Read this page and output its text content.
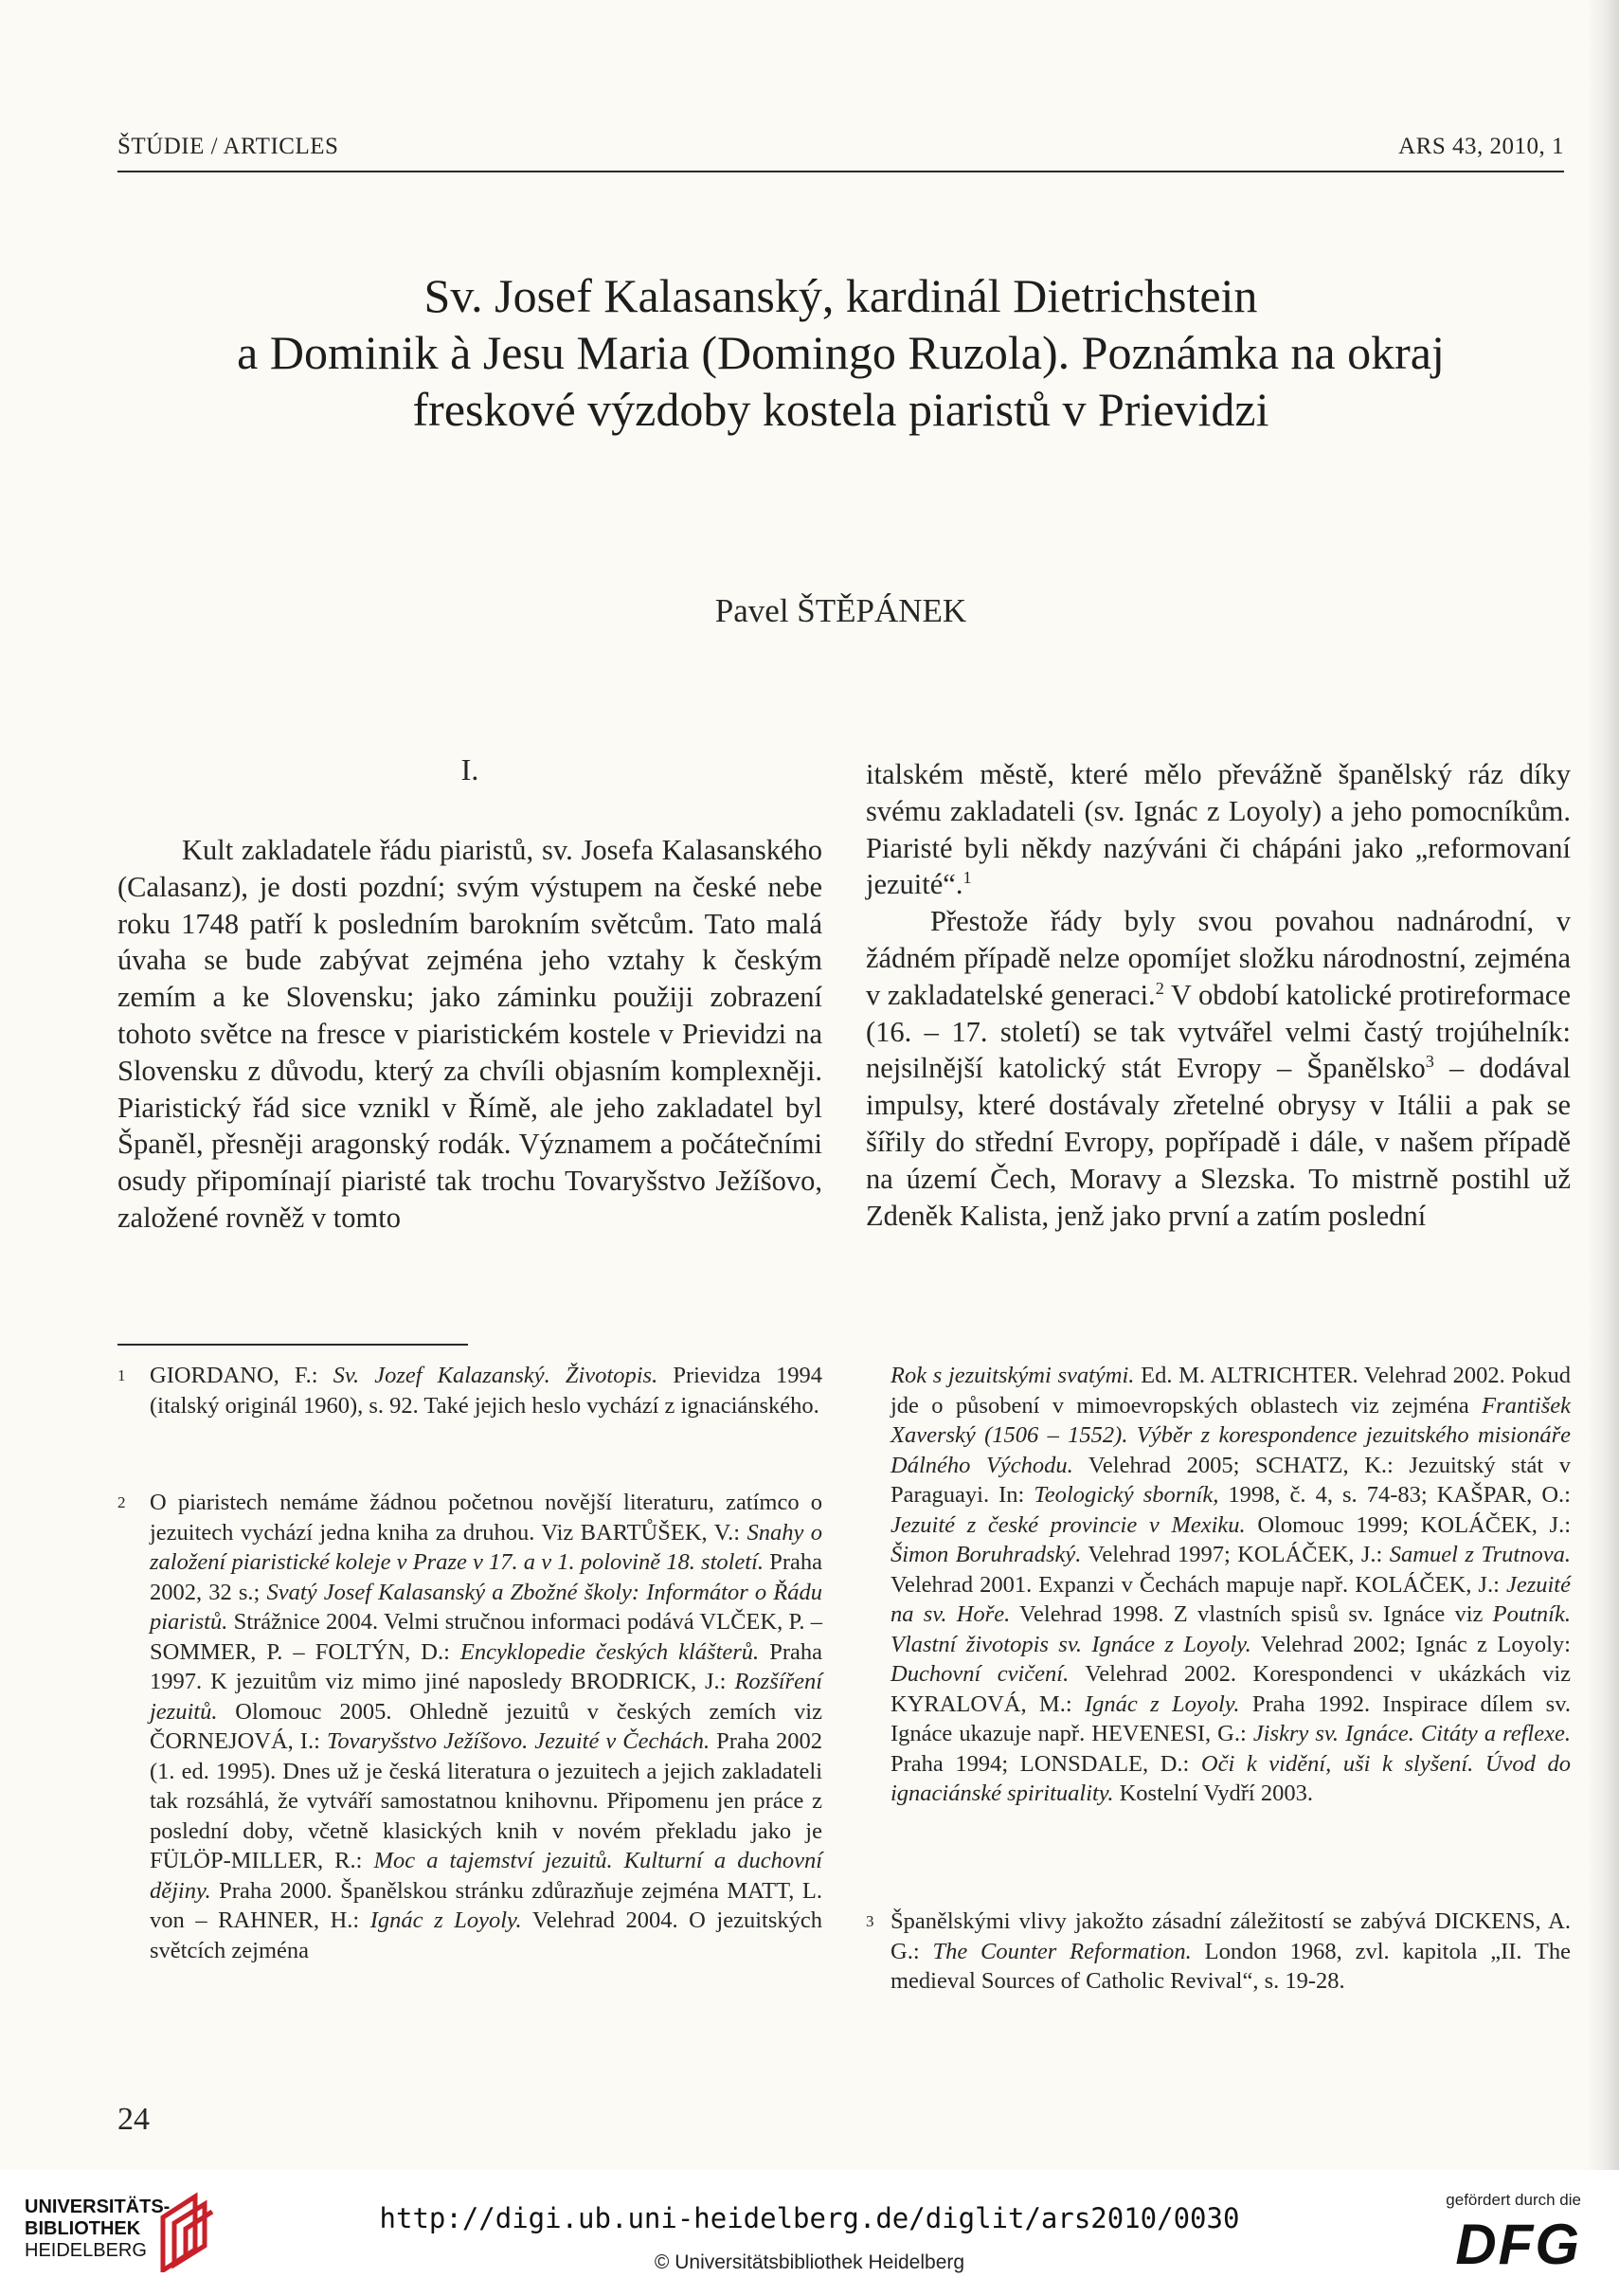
ŠTÚDIE / ARTICLES	ARS 43, 2010, 1
Sv. Josef Kalasanský, kardinál Dietrichstein
a Dominik à Jesu Maria (Domingo Ruzola). Poznámka na okraj
freskové výzdoby kostela piaristů v Prievidzi
Pavel ŠTĚPÁNEK
I.

Kult zakladatele řádu piaristů, sv. Josefa Kalasanského (Calasanz), je dosti pozdní; svým výstupem na české nebe roku 1748 patří k posledním barokním světcům. Tato malá úvaha se bude zabývat zejména jeho vztahy k českým zemím a ke Slovensku; jako záminku použiji zobrazení tohoto světce na fresce v piaristickém kostele v Prievidzi na Slovensku z důvodu, který za chvíli objasním komplexněji. Piaristický řád sice vznikl v Římě, ale jeho zakladatel byl Španěl, přesněji aragonský rodák. Významem a počátečními osudy připomínají piaristé tak trochu Tovaryšstvo Ježíšovo, založené rovněž v tomto

italském městě, které mělo převážně španělský ráz díky svému zakladateli (sv. Ignác z Loyoly) a jeho pomocníkům. Piaristé byli někdy nazýváni či chápáni jako „reformovaní jezuité“.$^1$

Přestože řády byly svou povahou nadnárodní, v žádném případě nelze opomíjet složku národnostní, zejména v zakladatelské generaci.$^2$ V období katolické protireformace (16. – 17. století) se tak vytvářel velmi častý trojúhelník: nejsilnější katolický stát Evropy – Španělsko$^3$ – dodával impulsy, které dostávaly zřetelné obrysy v Itálii a pak se šířily do střední Evropy, popřípadě i dále, v našem případě na území Čech, Moravy a Slezska. To mistrně postihl už Zdeněk Kalista, jenž jako první a zatím poslední

1 GIORDANO, F.: Sv. Jozef Kalazanský. Životopis. Prievidza 1994 (italský originál 1960), s. 92. Také jejich heslo vychází z ignaciánského.
2 O piaristech nemáme žádnou početnou novější literaturu, zatímco o jezuitech vychází jedna kniha za druhou. Viz BARTŮŠEK, V.: Snahy o založení piaristické koleje v Praze v 17. a v 1. polovině 18. století. Praha 2002, 32 s.; Svatý Josef Kalasanský a Zbožné školy: Informátor o Řádu piaristů. Strážnice 2004. Velmi stručnou informaci podává VLČEK, P. – SOMMER, P. – FOLTÝN, D.: Encyklopedie českých klášterů. Praha 1997. K jezuitům viz mimo jiné naposledy BRODRICK, J.: Rozšíření jezuitů. Olomouc 2005. Ohledně jezuitů v českých zemích viz ČORNEJOVÁ, I.: Tovaryšstvo Ježíšovo. Jezuité v Čechách. Praha 2002 (1. ed. 1995). Dnes už je česká literatura o jezuitech a jejich zakladateli tak rozsáhlá, že vytváří samostatnou knihovnu. Připomenu jen práce z poslední doby, včetně klasických knih v novém překladu jako je FÜLÖP-MILLER, R.: Moc a tajemství jezuitů. Kulturní a duchovní dějiny. Praha 2000. Španělskou stránku zdůrazňuje zejména MATT, L. von – RAHNER, H.: Ignác z Loyoly. Velehrad 2004. O jezuitských světcích zejména
Rok s jezuitskými svatými. Ed. M. ALTRICHTER. Velehrad 2002. Pokud jde o působení v mimoevropských oblastech viz zejména František Xaverský (1506 – 1552). Výběr z korespondence jezuitského misionáře Dálného Východu. Velehrad 2005; SCHATZ, K.: Jezuitský stát v Paraguayi. In: Teologický sborník, 1998, č. 4, s. 74-83; KAŠPAR, O.: Jezuité z české provincie v Mexiku. Olomouc 1999; KOLÁČEK, J.: Šimon Boruhradský. Velehrad 1997; KOLÁČEK, J.: Samuel z Trutnova. Velehrad 2001. Expanzi v Čechách mapuje např. KOLÁČEK, J.: Jezuité na sv. Hoře. Velehrad 1998. Z vlastních spisů sv. Ignáce viz Poutník. Vlastní životopis sv. Ignáce z Loyoly. Velehrad 2002; Ignác z Loyoly: Duchovní cvičení. Velehrad 2002. Korespondenci v ukázkách viz KYRALOVÁ, M.: Ignác z Loyoly. Praha 1992. Inspirace dílem sv. Ignáce ukazuje např. HEVENESI, G.: Jiskry sv. Ignáce. Citáty a reflexe. Praha 1994; LONSDALE, D.: Oči k vidění, uši k slyšení. Úvod do ignaciánské spirituality. Kostelní Vydří 2003.
3 Španělskými vlivy jakožto zásadní záležitostí se zabývá DICKENS, A. G.: The Counter Reformation. London 1968, zvl. kapitola „II. The medieval Sources of Catholic Revival“, s. 19-28.
24
UNIVERSITÄTS-
BIBLIOTHEK
HEIDELBERG
http://digi.ub.uni-heidelberg.de/diglit/ars2010/0030
© Universitätsbibliothek Heidelberg
gefördert durch die
DFG
